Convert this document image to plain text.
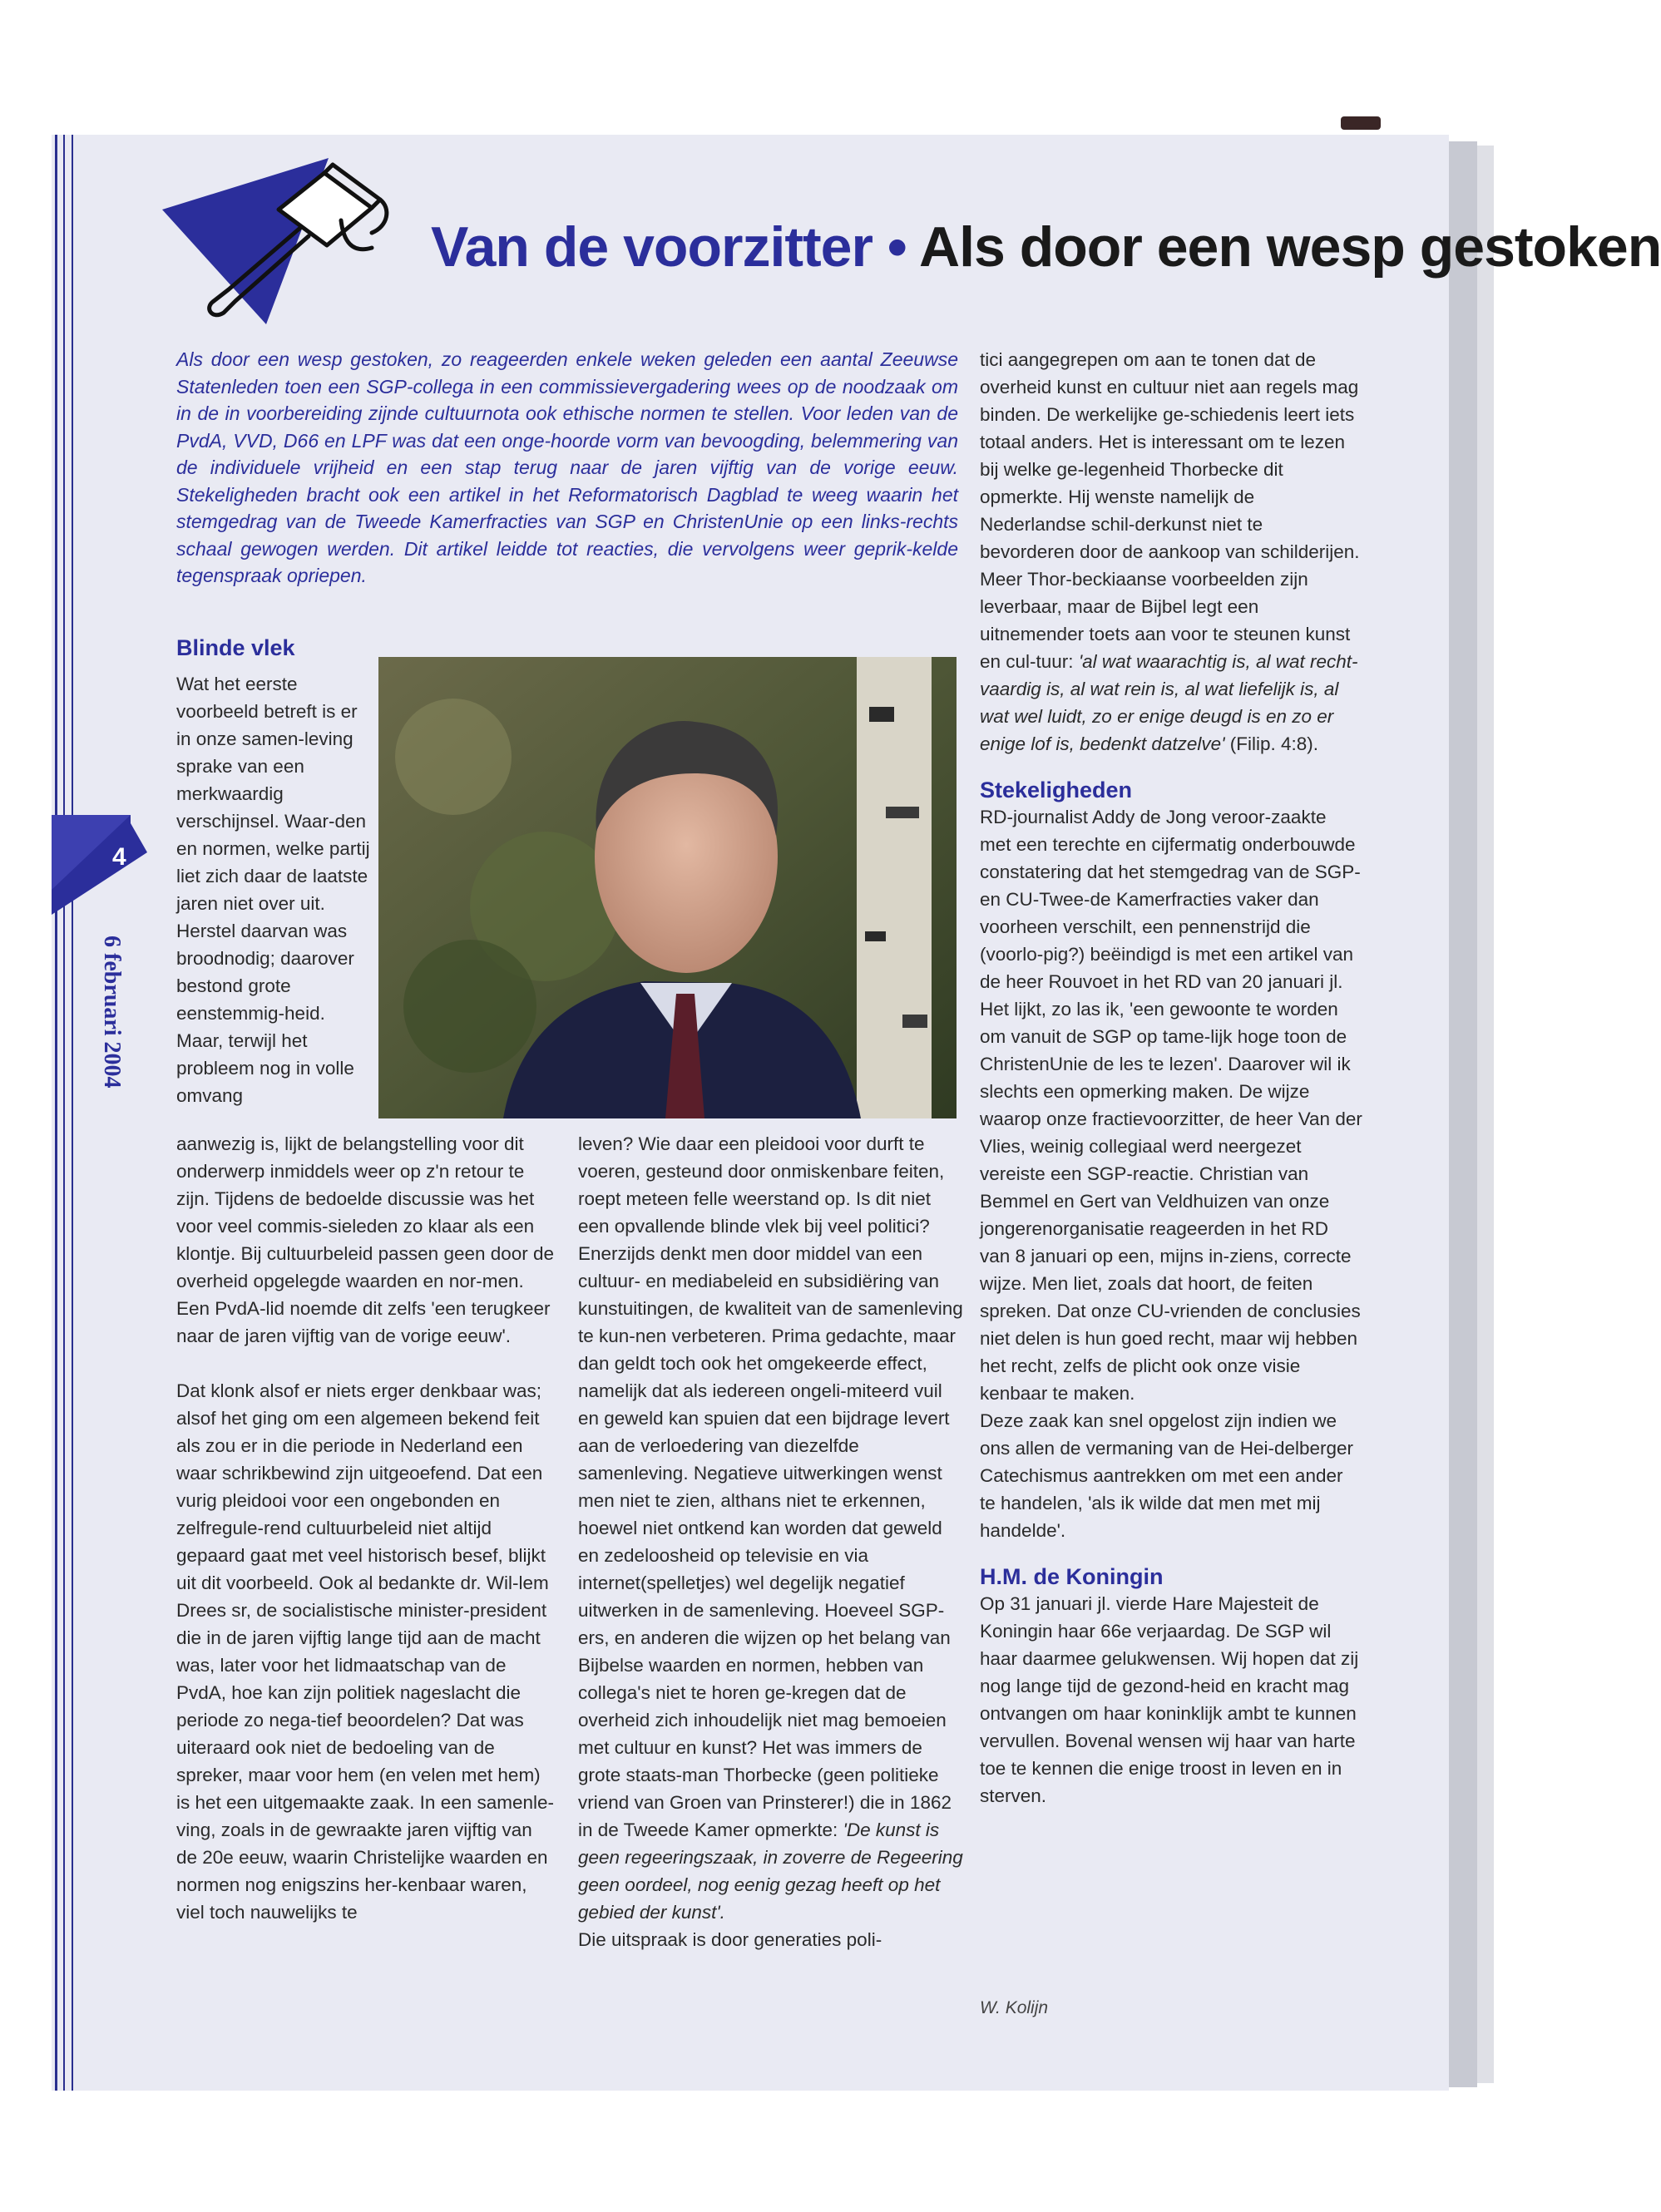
Van de voorzitter • Als door een wesp gestoken

Als door een wesp gestoken, zo reageerden enkele weken geleden een aantal Zeeuwse Statenleden toen een SGP-collega in een commissievergadering wees op de noodzaak om in de in voorbereiding zijnde cultuurnota ook ethische normen te stellen. Voor leden van de PvdA, VVD, D66 en LPF was dat een onge-hoorde vorm van bevoogding, belemmering van de individuele vrijheid en een stap terug naar de jaren vijftig van de vorige eeuw. Stekeligheden bracht ook een artikel in het Reformatorisch Dagblad te weeg waarin het stemgedrag van de Tweede Kamerfracties van SGP en ChristenUnie op een links-rechts schaal gewogen werden. Dit artikel leidde tot reacties, die vervolgens weer geprik-kelde tegenspraak opriepen.

4
6 februari 2004
Blinde vlek

Wat het eerste voorbeeld betreft is er in onze samen-leving sprake van een merkwaardig verschijnsel. Waar-den en normen, welke partij liet zich daar de laatste jaren niet over uit. Herstel daarvan was broodnodig; daarover bestond grote eenstemmig-heid. Maar, terwijl het probleem nog in volle omvang

aanwezig is, lijkt de belangstelling voor dit onderwerp inmiddels weer op z'n retour te zijn. Tijdens de bedoelde discussie was het voor veel commis-sieleden zo klaar als een klontje. Bij cultuurbeleid passen geen door de overheid opgelegde waarden en nor-men. Een PvdA-lid noemde dit zelfs 'een terugkeer naar de jaren vijftig van de vorige eeuw'.

Dat klonk alsof er niets erger denkbaar was; alsof het ging om een algemeen bekend feit als zou er in die periode in Nederland een waar schrikbewind zijn uitgeoefend. Dat een vurig pleidooi voor een ongebonden en zelfregule-rend cultuurbeleid niet altijd gepaard gaat met veel historisch besef, blijkt uit dit voorbeeld. Ook al bedankte dr. Wil-lem Drees sr, de socialistische minister-president die in de jaren vijftig lange tijd aan de macht was, later voor het lidmaatschap van de PvdA, hoe kan zijn politiek nageslacht die periode zo nega-tief beoordelen? Dat was uiteraard ook niet de bedoeling van de spreker, maar voor hem (en velen met hem) is het een uitgemaakte zaak. In een samenle-ving, zoals in de gewraakte jaren vijftig van de 20e eeuw, waarin Christelijke waarden en normen nog enigszins her-kenbaar waren, viel toch nauwelijks te

leven? Wie daar een pleidooi voor durft te voeren, gesteund door onmiskenbare feiten, roept meteen felle weerstand op. Is dit niet een opvallende blinde vlek bij veel politici? Enerzijds denkt men door middel van een cultuur- en mediabeleid en subsidiëring van kunstuitingen, de kwaliteit van de samenleving te kun-nen verbeteren. Prima gedachte, maar dan geldt toch ook het omgekeerde effect, namelijk dat als iedereen ongeli-miteerd vuil en geweld kan spuien dat een bijdrage levert aan de verloedering van diezelfde samenleving. Negatieve uitwerkingen wenst men niet te zien, althans niet te erkennen, hoewel niet ontkend kan worden dat geweld en zedeloosheid op televisie en via internet(spelletjes) wel degelijk negatief uitwerken in de samenleving. Hoeveel SGP-ers, en anderen die wijzen op het belang van Bijbelse waarden en normen, hebben van collega's niet te horen ge-kregen dat de overheid zich inhoudelijk niet mag bemoeien met cultuur en kunst? Het was immers de grote staats-man Thorbecke (geen politieke vriend van Groen van Prinsterer!) die in 1862 in de Tweede Kamer opmerkte: 'De kunst is geen regeeringszaak, in zoverre de Regeering geen oordeel, nog eenig gezag heeft op het gebied der kunst'.
Die uitspraak is door generaties poli-

tici aangegrepen om aan te tonen dat de overheid kunst en cultuur niet aan regels mag binden. De werkelijke ge-schiedenis leert iets totaal anders. Het is interessant om te lezen bij welke ge-legenheid Thorbecke dit opmerkte. Hij wenste namelijk de Nederlandse schil-derkunst niet te bevorderen door de aankoop van schilderijen. Meer Thor-beckiaanse voorbeelden zijn leverbaar, maar de Bijbel legt een uitnemender toets aan voor te steunen kunst en cul-tuur: 'al wat waarachtig is, al wat recht-vaardig is, al wat rein is, al wat liefelijk is, al wat wel luidt, zo er enige deugd is en zo er enige lof is, bedenkt datzelve' (Filip. 4:8).

Stekeligheden

RD-journalist Addy de Jong veroor-zaakte met een terechte en cijfermatig onderbouwde constatering dat het stemgedrag van de SGP- en CU-Twee-de Kamerfracties vaker dan voorheen verschilt, een pennenstrijd die (voorlo-pig?) beëindigd is met een artikel van de heer Rouvoet in het RD van 20 januari jl. Het lijkt, zo las ik, 'een gewoonte te worden om vanuit de SGP op tame-lijk hoge toon de ChristenUnie de les te lezen'. Daarover wil ik slechts een opmerking maken. De wijze waarop onze fractievoorzitter, de heer Van der Vlies, weinig collegiaal werd neergezet vereiste een SGP-reactie. Christian van Bemmel en Gert van Veldhuizen van onze jongerenorganisatie reageerden in het RD van 8 januari op een, mijns in-ziens, correcte wijze. Men liet, zoals dat hoort, de feiten spreken. Dat onze CU-vrienden de conclusies niet delen is hun goed recht, maar wij hebben het recht, zelfs de plicht ook onze visie kenbaar te maken.

Deze zaak kan snel opgelost zijn indien we ons allen de vermaning van de Hei-delberger Catechismus aantrekken om met een ander te handelen, 'als ik wilde dat men met mij handelde'.

H.M. de Koningin

Op 31 januari jl. vierde Hare Majesteit de Koningin haar 66e verjaardag. De SGP wil haar daarmee gelukwensen. Wij hopen dat zij nog lange tijd de gezond-heid en kracht mag ontvangen om haar koninklijk ambt te kunnen vervullen. Bovenal wensen wij haar van harte toe te kennen die enige troost in leven en in sterven.

W. Kolijn
